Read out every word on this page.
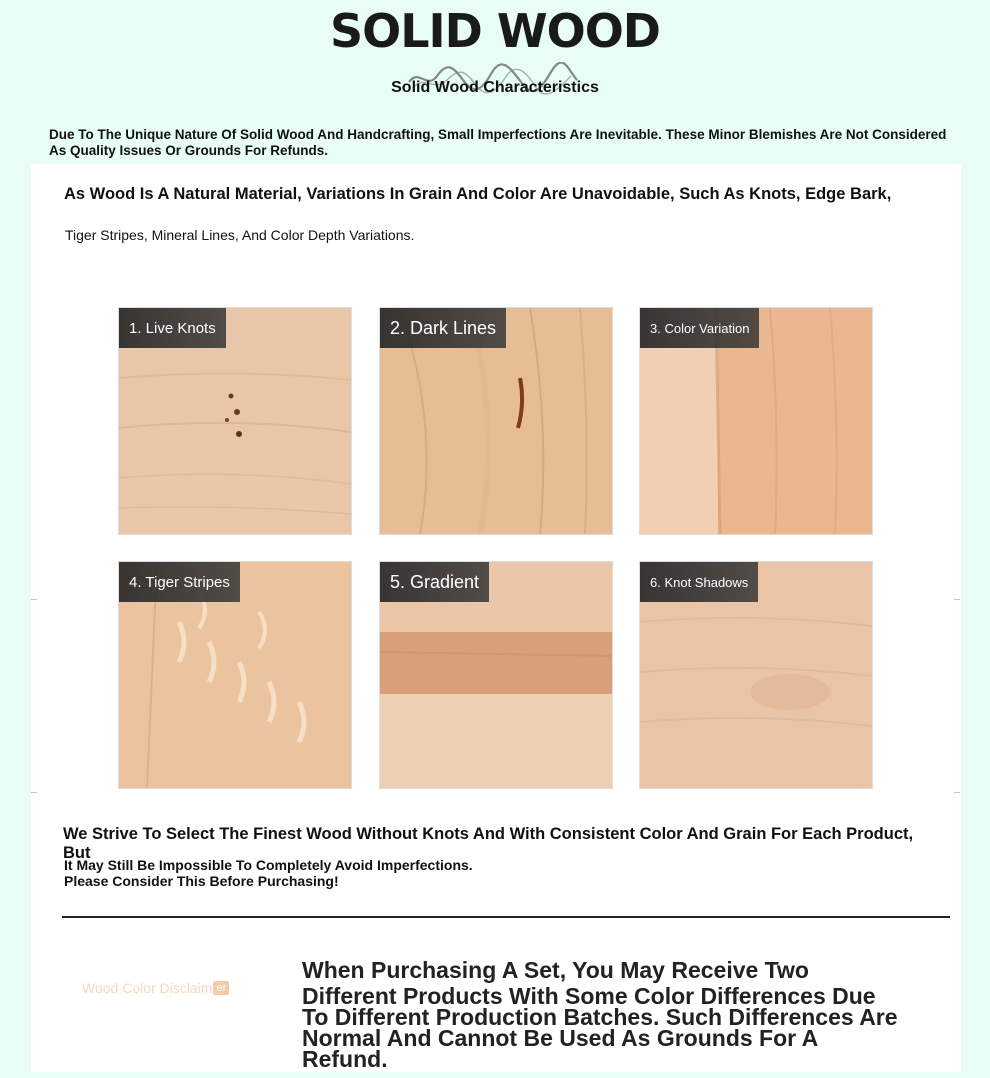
SOLID WOOD
Solid Wood Characteristics
Due To The Unique Nature Of Solid Wood And Handcrafting, Small Imperfections Are Inevitable. These Minor Blemishes Are Not Considered As Quality Issues Or Grounds For Refunds.
As Wood Is A Natural Material, Variations In Grain And Color Are Unavoidable, Such As Knots, Edge Bark,
Tiger Stripes, Mineral Lines, And Color Depth Variations.
1. Live Knots	2. Dark Lines	3. Color Variation
4. Tiger Stripes	5. Gradient	6. Knot Shadows
We Strive To Select The Finest Wood Without Knots And With Consistent Color And Grain For Each Product, But
It May Still Be Impossible To Completely Avoid Imperfections.
Please Consider This Before Purchasing!
Wood Color Disclaim er
When Purchasing A Set, You May Receive Two
Different Products With Some Color Differences Due To Different Production Batches. Such Differences Are Normal And Cannot Be Used As Grounds For A Refund.
